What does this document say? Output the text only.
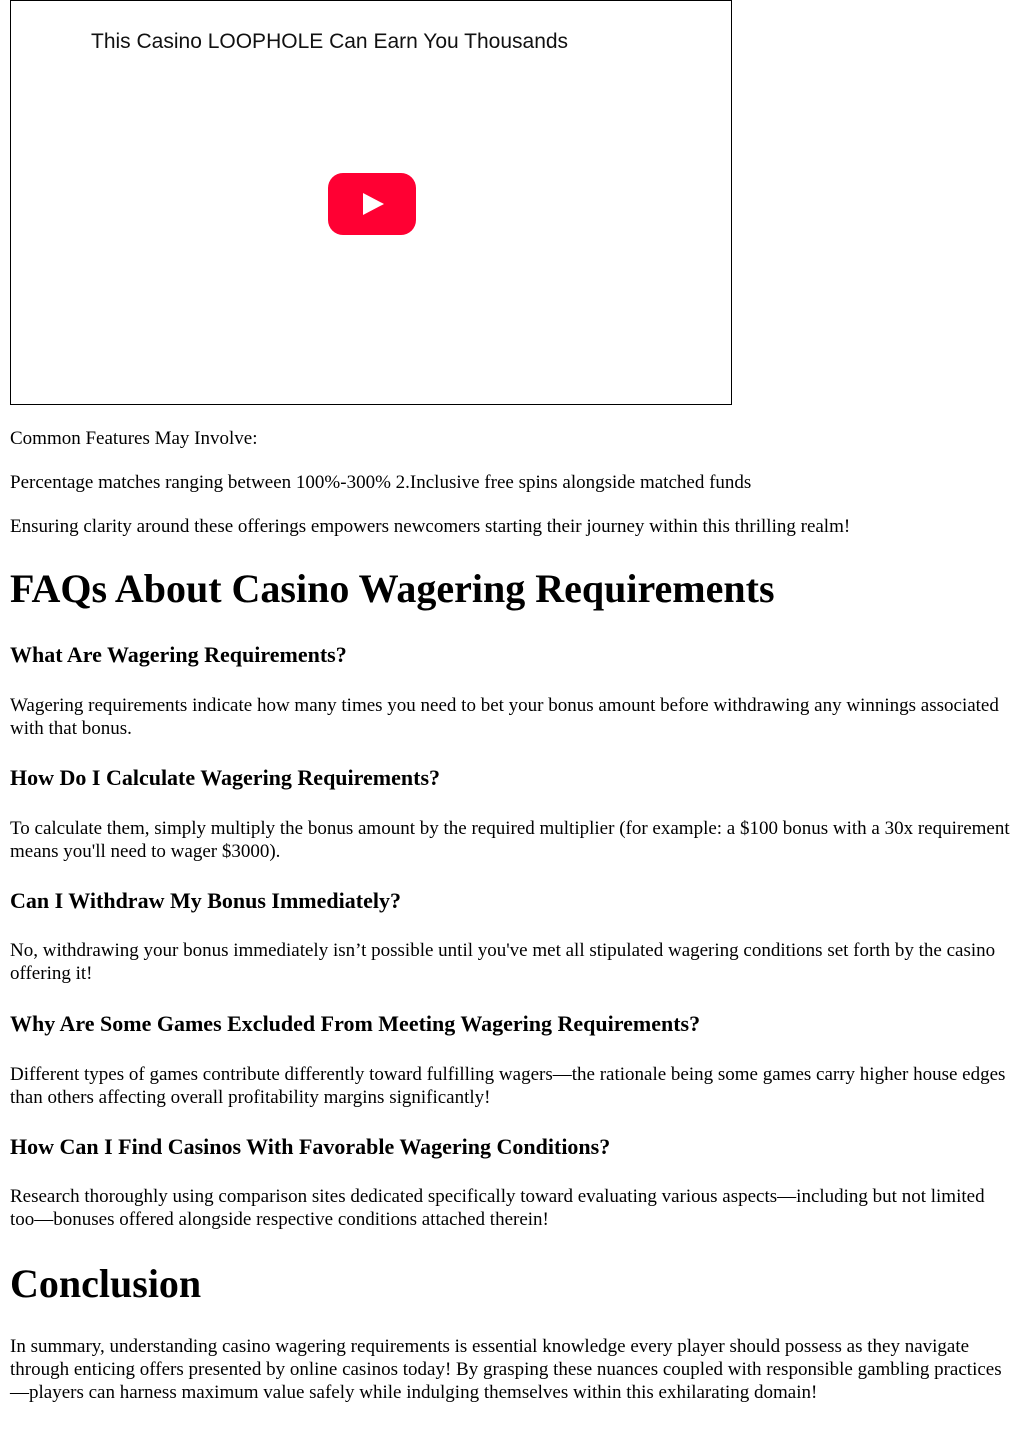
This Casino LOOPHOLE Can Earn You Thousands

Common Features May Involve:

Percentage matches ranging between 100%-300% 2.Inclusive free spins alongside matched funds

Ensuring clarity around these offerings empowers newcomers starting their journey within this thrilling realm!

FAQs About Casino Wagering Requirements
What Are Wagering Requirements?

Wagering requirements indicate how many times you need to bet your bonus amount before withdrawing any winnings associated with that bonus.

How Do I Calculate Wagering Requirements?

To calculate them, simply multiply the bonus amount by the required multiplier (for example: a $100 bonus with a 30x requirement means you'll need to wager $3000).

Can I Withdraw My Bonus Immediately?

No, withdrawing your bonus immediately isn’t possible until you've met all stipulated wagering conditions set forth by the casino offering it!

Why Are Some Games Excluded From Meeting Wagering Requirements?

Different types of games contribute differently toward fulfilling wagers—the rationale being some games carry higher house edges than others affecting overall profitability margins significantly!

How Can I Find Casinos With Favorable Wagering Conditions?

Research thoroughly using comparison sites dedicated specifically toward evaluating various aspects—including but not limited too—bonuses offered alongside respective conditions attached therein!

Conclusion

In summary, understanding casino wagering requirements is essential knowledge every player should possess as they navigate through enticing offers presented by online casinos today! By grasping these nuances coupled with responsible gambling practices—players can harness maximum value safely while indulging themselves within this exhilarating domain!
